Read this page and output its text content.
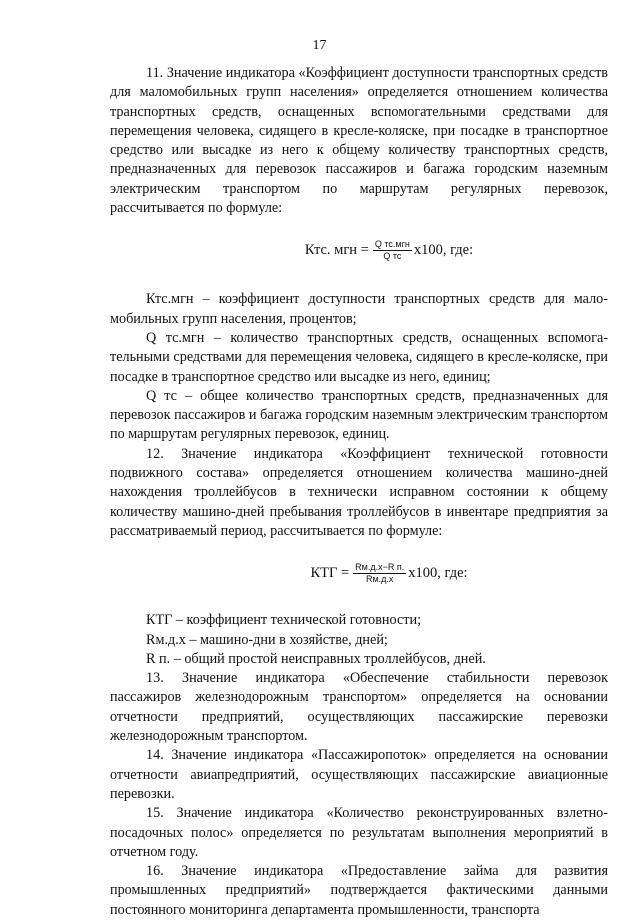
17

11. Значение индикатора «Коэффициент доступности транспортных средств для маломобильных групп населения» определяется отношением количества транспортных средств, оснащенных вспомогательными средствами для перемещения человека, сидящего в кресле-коляске, при посадке в транспортное средство или высадке из него к общему количеству транспортных средств, предназначенных для перевозок пассажиров и багажа городским наземным электрическим транспортом по маршрутам регулярных перевозок, рассчитывается по формуле:

Ктс. мгн = $\frac{\text{Q тс.мгн}}{\text{Q тс}} х100$, где:

Ктс.мгн – коэффициент доступности транспортных средств для маломобильных групп населения, процентов;

Q тс.мгн – количество транспортных средств, оснащенных вспомогательными средствами для перемещения человека, сидящего в кресле-коляске, при посадке в транспортное средство или высадке из него, единиц;

Q тс – общее количество транспортных средств, предназначенных для перевозок пассажиров и багажа городским наземным электрическим транспортом по маршрутам регулярных перевозок, единиц.

12. Значение индикатора «Коэффициент технической готовности подвижного состава» определяется отношением количества машино-дней нахождения троллейбусов в технически исправном состоянии к общему количеству машино-дней пребывания троллейбусов в инвентаре предприятия за рассматриваемый период, рассчитывается по формуле:

КТГ = $\frac{\text{Rм.д.х−R п.}}{Rм.д.х} х100$, где:

КТГ – коэффициент технической готовности;

Rм.д.х – машино-дни в хозяйстве, дней;

R п. – общий простой неисправных троллейбусов, дней.

13. Значение индикатора «Обеспечение стабильности перевозок пассажиров железнодорожным транспортом» определяется на основании отчетности предприятий, осуществляющих пассажирские перевозки железнодорожным транспортом.

14. Значение индикатора «Пассажиропоток» определяется на основании отчетности авиапредприятий, осуществляющих пассажирские авиационные перевозки.

15. Значение индикатора «Количество реконструированных взлетно-посадочных полос» определяется по результатам выполнения мероприятий в отчетном году.

16. Значение индикатора «Предоставление займа для развития промышленных предприятий» подтверждается фактическими данными постоянного мониторинга департамента промышленности, транспорта
